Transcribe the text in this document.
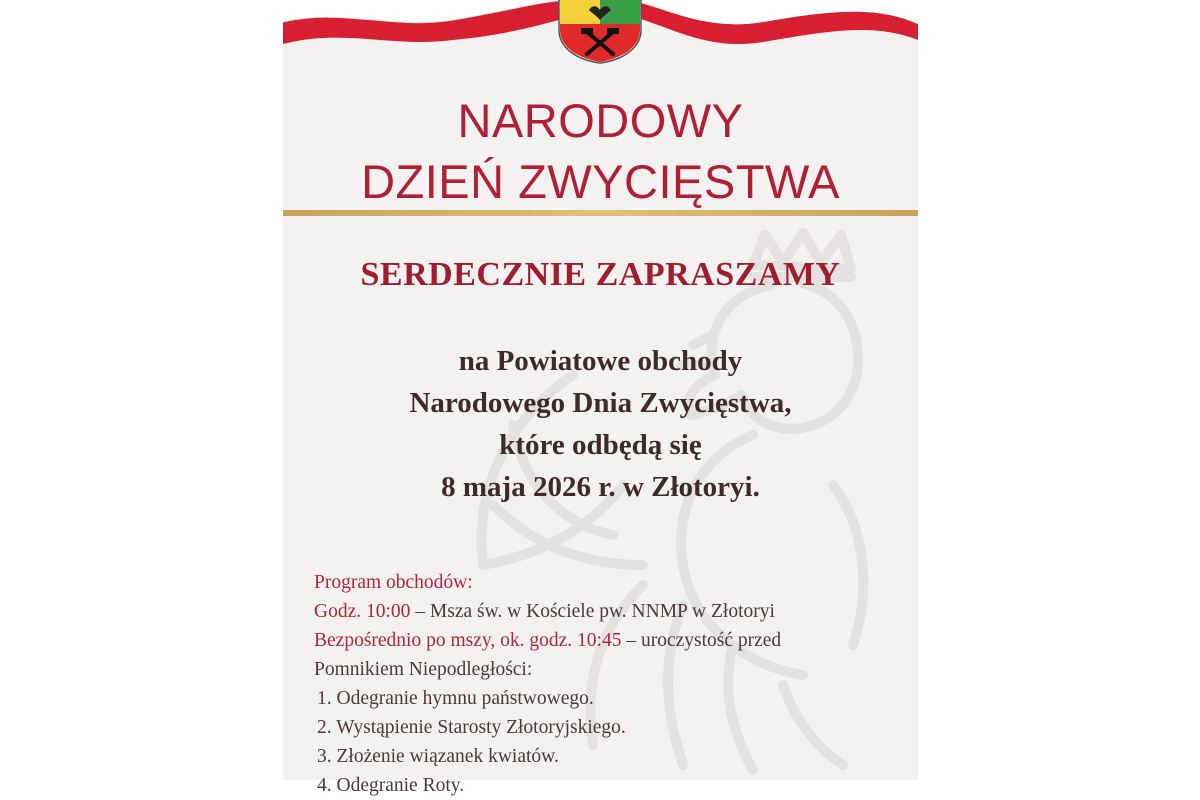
NARODOWY
DZIEŃ ZWYCIĘSTWA
SERDECZNIE ZAPRASZAMY
na Powiatowe obchody
Narodowego Dnia Zwycięstwa,
które odbędą się
8 maja 2026 r. w Złotoryi.
Program obchodów:
Godz. 10:00 – Msza św. w Kościele pw. NNMP w Złotoryi
Bezpośrednio po mszy, ok. godz. 10:45 – uroczystość przed
Pomnikiem Niepodległości:
1. Odegranie hymnu państwowego.
2. Wystąpienie Starosty Złotoryjskiego.
3. Złożenie wiązanek kwiatów.
4. Odegranie Roty.
